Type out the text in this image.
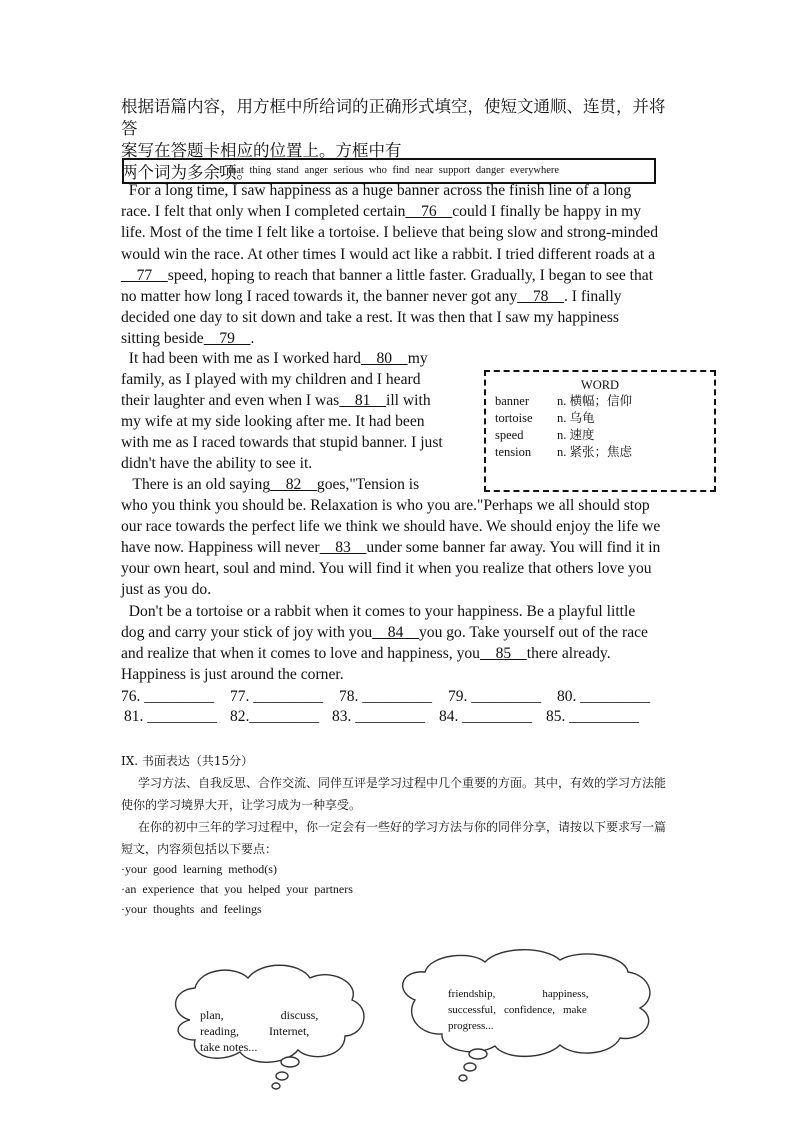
根据语篇内容，用方框中所给词的正确形式填空，使短文通顺、连贯，并将答
案写在答题卡相应的位置上。方框中有
两个词为多余项。
I that thing stand anger serious who find near support danger everywhere
For a long time, I saw happiness as a huge banner across the finish line of a long
race. I felt that only when I completed certain    76    could I finally be happy in my
life. Most of the time I felt like a tortoise. I believe that being slow and strong-minded
would win the race. At other times I would act like a rabbit. I tried different roads at a
77    speed, hoping to reach that banner a little faster. Gradually, I began to see that
no matter how long I raced towards it, the banner never got any    78    . I finally
decided one day to sit down and take a rest. It was then that I saw my happiness
sitting beside    79    .
It had been with me as I worked hard    80    my
family, as I played with my children and I heard
their laughter and even when I was    81    ill with
my wife at my side looking after me. It had been
with me as I raced towards that stupid banner. I just
didn't have the ability to see it.
There is an old saying    82    goes,"Tension is
who you think you should be. Relaxation is who you are."Perhaps we all should stop
our race towards the perfect life we think we should have. We should enjoy the life we
have now. Happiness will never    83    under some banner far away. You will find it in
your own heart, soul and mind. You will find it when you realize that others love you
just as you do.
Don't be a tortoise or a rabbit when it comes to your happiness. Be a playful little
dog and carry your stick of joy with you    84    you go. Take yourself out of the race
and realize that when it comes to love and happiness, you    85    there already.
Happiness is just around the corner.
WORD
banner n. 横幅；信仰
tortoise n. 乌龟
speed	n. 速度
tension n. 紧张；焦虑
76. _________ 77. _________ 78. _________ 79. _________ 80. _________
81. _________ 82._________ 83. _________ 84. _________ 85. _________
IX. 书面表达（共15分）
学习方法、自我反思、合作交流、同伴互评是学习过程中几个重要的方面。其中，有效的学习方法能
使你的学习境界大开，让学习成为一种享受。
在你的初中三年的学习过程中，你一定会有一些好的学习方法与你的同伴分享，请按以下要求写一篇
短文，内容须包括以下要点：
·your good learning method(s)
·an experience that you helped your partners
·your thoughts and feelings
plan,	discuss,
reading,	Internet,
take notes...
friendship,	happiness,
successful, confidence, make
progress...
